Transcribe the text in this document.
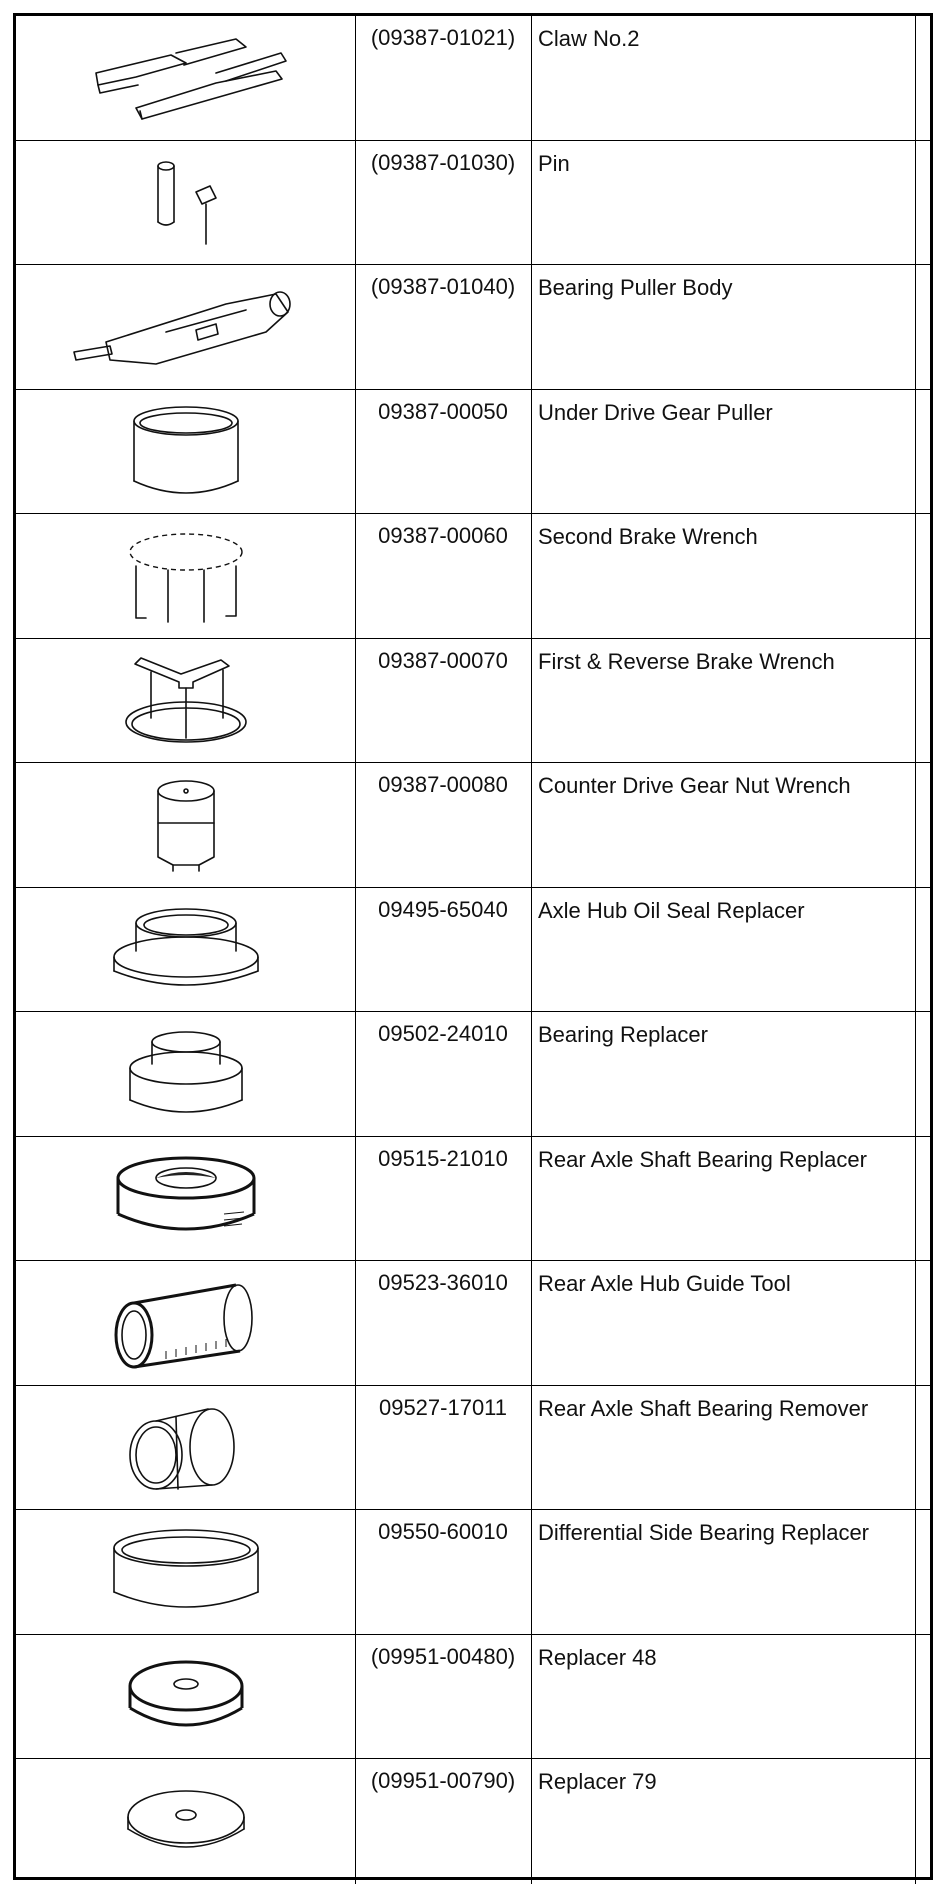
(09387-01021)	Claw No.2
(09387-01030)	Pin
(09387-01040)	Bearing Puller Body
09387-00050	Under Drive Gear Puller
09387-00060	Second Brake Wrench
09387-00070	First & Reverse Brake Wrench
09387-00080	Counter Drive Gear Nut Wrench
09495-65040	Axle Hub Oil Seal Replacer
09502-24010	Bearing Replacer
09515-21010	Rear Axle Shaft Bearing Replacer
09523-36010	Rear Axle Hub Guide Tool
09527-17011	Rear Axle Shaft Bearing Remover
09550-60010	Differential Side Bearing Replacer
(09951-00480)	Replacer 48
(09951-00790)	Replacer 79
